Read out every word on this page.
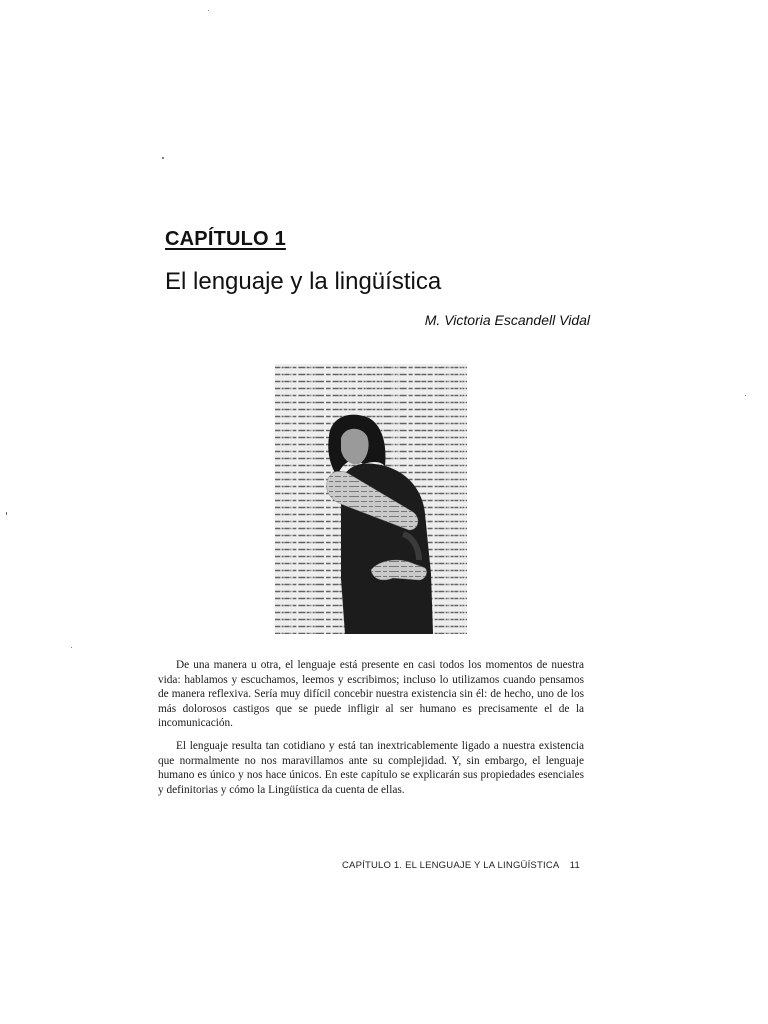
CAPÍTULO 1
El lenguaje y la lingüística
M. Victoria Escandell Vidal

De una manera u otra, el lenguaje está presente en casi todos los momentos de nuestra vida: hablamos y escuchamos, leemos y escribimos; incluso lo utilizamos cuando pensamos de manera reflexiva. Sería muy difícil concebir nuestra existencia sin él: de hecho, uno de los más dolorosos castigos que se puede infligir al ser humano es precisamente el de la incomunicación.

El lenguaje resulta tan cotidiano y está tan inextricablemente ligado a nuestra existencia que normalmente no nos maravillamos ante su complejidad. Y, sin embargo, el lenguaje humano es único y nos hace únicos. En este capítulo se explicarán sus propiedades esenciales y definitorias y cómo la Lingüística da cuenta de ellas.

CAPÍTULO 1. EL LENGUAJE Y LA LINGÜÍSTICA 11
